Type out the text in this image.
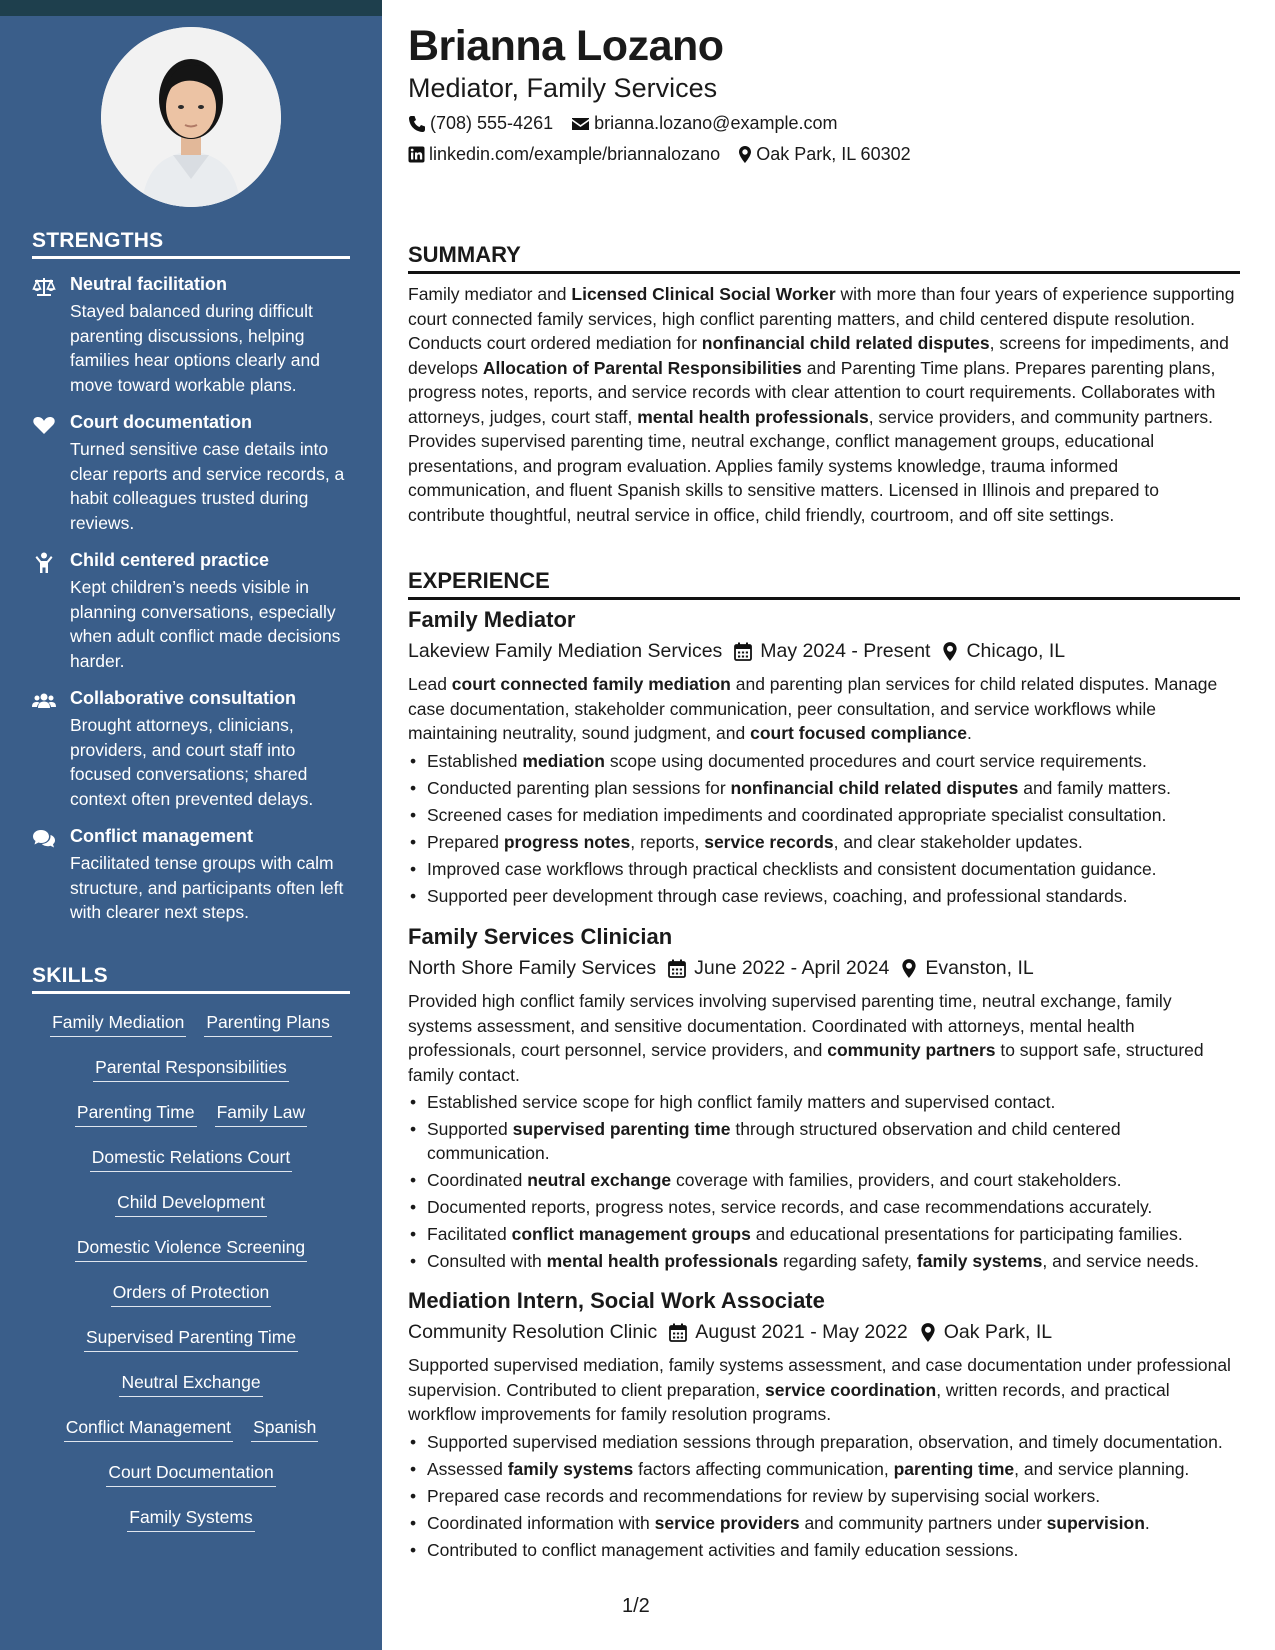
STRENGTHS
Neutral facilitation
Stayed balanced during difficult parenting discussions, helping families hear options clearly and move toward workable plans.
Court documentation
Turned sensitive case details into clear reports and service records, a habit colleagues trusted during reviews.
Child centered practice
Kept children’s needs visible in planning conversations, especially when adult conflict made decisions harder.
Collaborative consultation
Brought attorneys, clinicians, providers, and court staff into focused conversations; shared context often prevented delays.
Conflict management
Facilitated tense groups with calm structure, and participants often left with clearer next steps.
SKILLS
Family Mediation Parenting Plans
Parental Responsibilities
Parenting Time Family Law
Domestic Relations Court
Child Development
Domestic Violence Screening
Orders of Protection
Supervised Parenting Time
Neutral Exchange
Conflict Management Spanish
Court Documentation
Family Systems
Brianna Lozano
Mediator, Family Services
(708) 555-4261 brianna.lozano@example.com
linkedin.com/example/briannalozano Oak Park, IL 60302
SUMMARY
Family mediator and Licensed Clinical Social Worker with more than four years of experience supporting court connected family services, high conflict parenting matters, and child centered dispute resolution. Conducts court ordered mediation for nonfinancial child related disputes, screens for impediments, and develops Allocation of Parental Responsibilities and Parenting Time plans. Prepares parenting plans, progress notes, reports, and service records with clear attention to court requirements. Collaborates with attorneys, judges, court staff, mental health professionals, service providers, and community partners. Provides supervised parenting time, neutral exchange, conflict management groups, educational presentations, and program evaluation. Applies family systems knowledge, trauma informed communication, and fluent Spanish skills to sensitive matters. Licensed in Illinois and prepared to contribute thoughtful, neutral service in office, child friendly, courtroom, and off site settings.
EXPERIENCE
Family Mediator
Lakeview Family Mediation Services May 2024 - Present Chicago, IL
Lead court connected family mediation and parenting plan services for child related disputes. Manage case documentation, stakeholder communication, peer consultation, and service workflows while maintaining neutrality, sound judgment, and court focused compliance.
• Established mediation scope using documented procedures and court service requirements.
• Conducted parenting plan sessions for nonfinancial child related disputes and family matters.
• Screened cases for mediation impediments and coordinated appropriate specialist consultation.
• Prepared progress notes, reports, service records, and clear stakeholder updates.
• Improved case workflows through practical checklists and consistent documentation guidance.
• Supported peer development through case reviews, coaching, and professional standards.
Family Services Clinician
North Shore Family Services June 2022 - April 2024 Evanston, IL
Provided high conflict family services involving supervised parenting time, neutral exchange, family systems assessment, and sensitive documentation. Coordinated with attorneys, mental health professionals, court personnel, service providers, and community partners to support safe, structured family contact.
• Established service scope for high conflict family matters and supervised contact.
• Supported supervised parenting time through structured observation and child centered communication.
• Coordinated neutral exchange coverage with families, providers, and court stakeholders.
• Documented reports, progress notes, service records, and case recommendations accurately.
• Facilitated conflict management groups and educational presentations for participating families.
• Consulted with mental health professionals regarding safety, family systems, and service needs.
Mediation Intern, Social Work Associate
Community Resolution Clinic August 2021 - May 2022 Oak Park, IL
Supported supervised mediation, family systems assessment, and case documentation under professional supervision. Contributed to client preparation, service coordination, written records, and practical workflow improvements for family resolution programs.
• Supported supervised mediation sessions through preparation, observation, and timely documentation.
• Assessed family systems factors affecting communication, parenting time, and service planning.
• Prepared case records and recommendations for review by supervising social workers.
• Coordinated information with service providers and community partners under supervision.
• Contributed to conflict management activities and family education sessions.
1/2
